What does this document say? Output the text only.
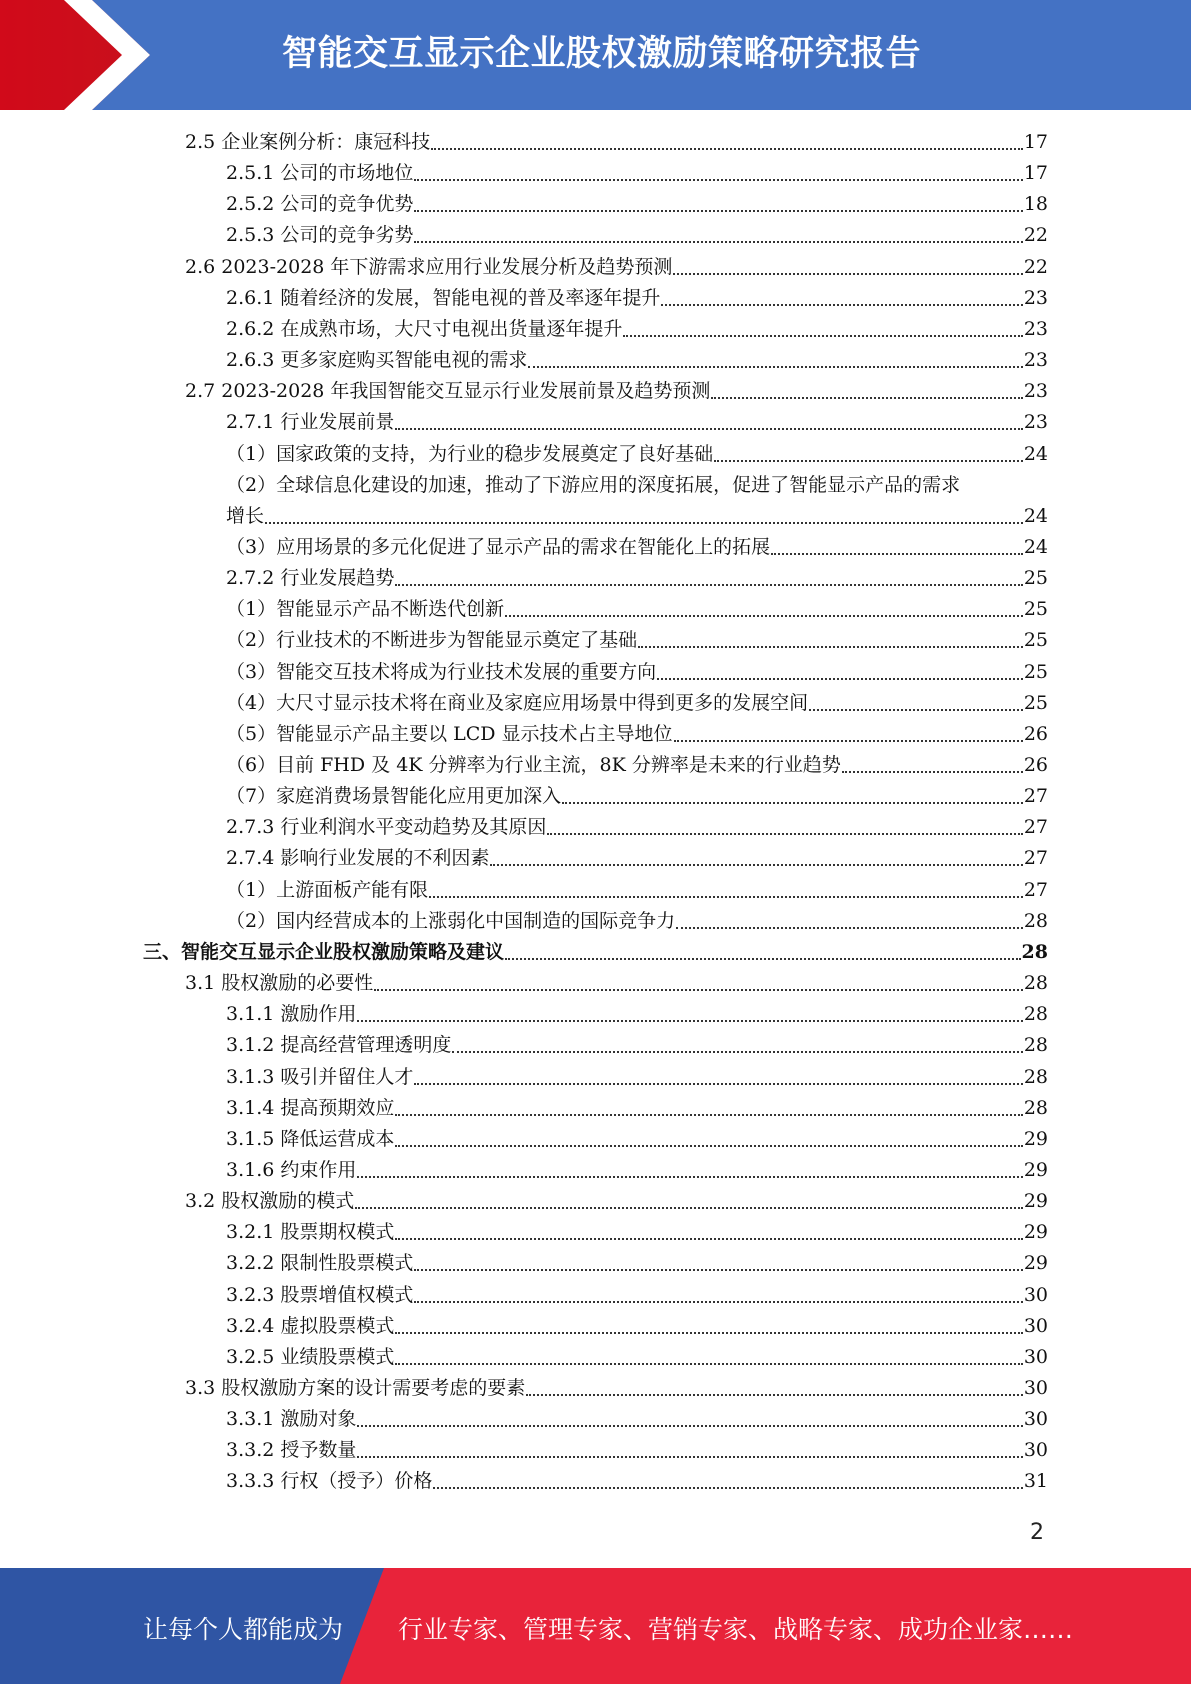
智能交互显示企业股权激励策略研究报告
2.5 企业案例分析：康冠科技	17
2.5.1 公司的市场地位	17
2.5.2 公司的竞争优势	18
2.5.3 公司的竞争劣势	22
2.6 2023-2028 年下游需求应用行业发展分析及趋势预测	22
2.6.1 随着经济的发展，智能电视的普及率逐年提升	23
2.6.2 在成熟市场，大尺寸电视出货量逐年提升	23
2.6.3 更多家庭购买智能电视的需求	23
2.7 2023-2028 年我国智能交互显示行业发展前景及趋势预测	23
2.7.1 行业发展前景	23
（1）国家政策的支持，为行业的稳步发展奠定了良好基础	24
（2）全球信息化建设的加速，推动了下游应用的深度拓展，促进了智能显示产品的需求
增长	24
（3）应用场景的多元化促进了显示产品的需求在智能化上的拓展	24
2.7.2 行业发展趋势	25
（1）智能显示产品不断迭代创新	25
（2）行业技术的不断进步为智能显示奠定了基础	25
（3）智能交互技术将成为行业技术发展的重要方向	25
（4）大尺寸显示技术将在商业及家庭应用场景中得到更多的发展空间	25
（5）智能显示产品主要以 LCD 显示技术占主导地位	26
（6）目前 FHD 及 4K 分辨率为行业主流，8K 分辨率是未来的行业趋势	26
（7）家庭消费场景智能化应用更加深入	27
2.7.3 行业利润水平变动趋势及其原因	27
2.7.4 影响行业发展的不利因素	27
（1）上游面板产能有限	27
（2）国内经营成本的上涨弱化中国制造的国际竞争力	28
三、智能交互显示企业股权激励策略及建议	28
3.1 股权激励的必要性	28
3.1.1 激励作用	28
3.1.2 提高经营管理透明度	28
3.1.3 吸引并留住人才	28
3.1.4 提高预期效应	28
3.1.5 降低运营成本	29
3.1.6 约束作用	29
3.2 股权激励的模式	29
3.2.1 股票期权模式	29
3.2.2 限制性股票模式	29
3.2.3 股票增值权模式	30
3.2.4 虚拟股票模式	30
3.2.5 业绩股票模式	30
3.3 股权激励方案的设计需要考虑的要素	30
3.3.1 激励对象	30
3.3.2 授予数量	30
3.3.3 行权（授予）价格	31
2
让每个人都能成为 行业专家、管理专家、营销专家、战略专家、成功企业家……
